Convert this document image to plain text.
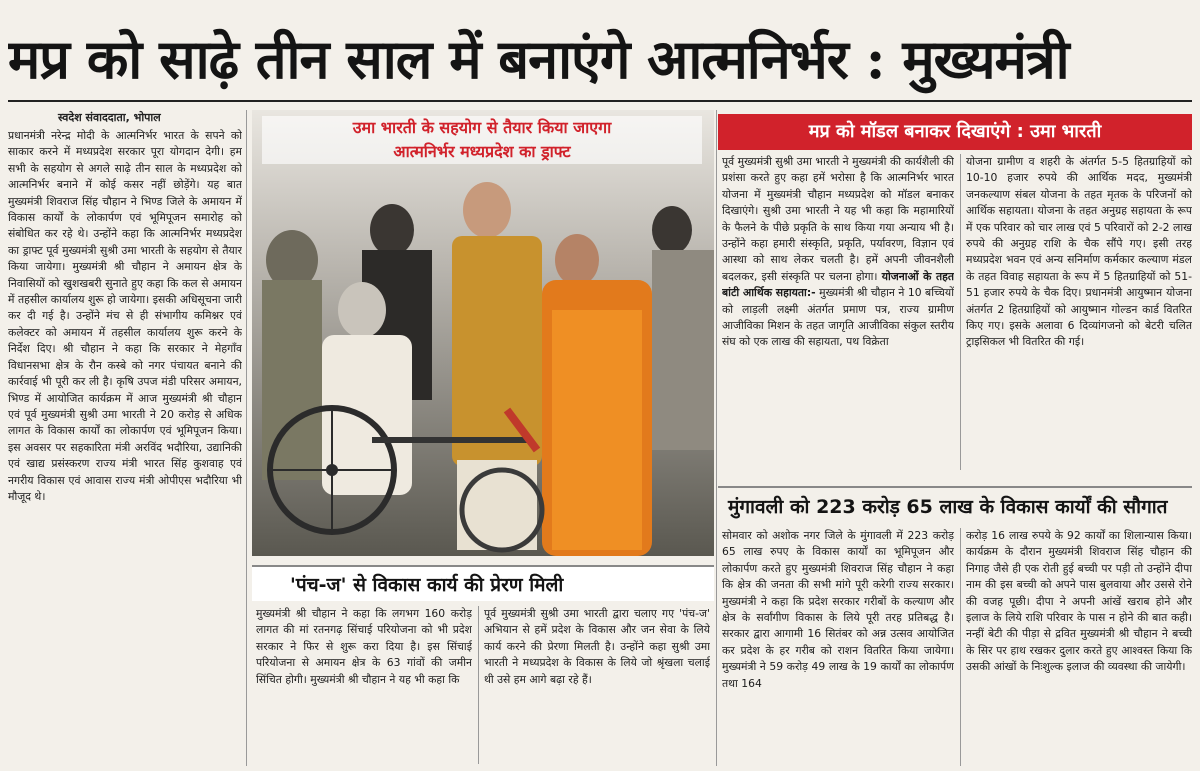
मप्र को साढ़े तीन साल में बनाएंगे आत्मनिर्भर : मुख्यमंत्री
स्वदेश संवाददाता, भोपाल

प्रधानमंत्री नरेन्द्र मोदी के आत्मनिर्भर भारत के सपने को साकार करने में मध्यप्रदेश सरकार पूरा योगदान देगी। हम सभी के सहयोग से अगले साढ़े तीन साल के मध्यप्रदेश को आत्मनिर्भर बनाने में कोई कसर नहीं छोड़ेंगे। यह बात मुख्यमंत्री शिवराज सिंह चौहान ने भिण्ड जिले के अमायन में विकास कार्यों के लोकार्पण एवं भूमिपूजन समारोह को संबोधित कर रहे थे। उन्होंने कहा कि आत्मनिर्भर मध्यप्रदेश का ड्राफ्ट पूर्व मुख्यमंत्री सुश्री उमा भारती के सहयोग से तैयार किया जायेगा। मुख्यमंत्री श्री चौहान ने अमायन क्षेत्र के निवासियों को खुशखबरी सुनाते हुए कहा कि कल से अमायन में तहसील कार्यालय शुरू हो जायेगा। इसकी अधिसूचना जारी कर दी गई है। उन्होंने मंच से ही संभागीय कमिश्नर एवं कलेक्टर को अमायन में तहसील कार्यालय शुरू करने के निर्देश दिए। श्री चौहान ने कहा कि सरकार ने मेहगाँव विधानसभा क्षेत्र के रौन कस्बे को नगर पंचायत बनाने की कार्रवाई भी पूरी कर ली है। कृषि उपज मंडी परिसर अमायन, भिण्ड में आयोजित कार्यक्रम में आज मुख्यमंत्री श्री चौहान एवं पूर्व मुख्यमंत्री सुश्री उमा भारती ने 20 करोड़ से अधिक लागत के विकास कार्यों का लोकार्पण एवं भूमिपूजन किया। इस अवसर पर सहकारिता मंत्री अरविंद भदौरिया, उद्यानिकी एवं खाद्य प्रसंस्करण राज्य मंत्री भारत सिंह कुशवाह एवं नगरीय विकास एवं आवास राज्य मंत्री ओपीएस भदौरिया भी मौजूद थे।

उमा भारती के सहयोग से तैयार किया जाएगा
आत्मनिर्भर मध्यप्रदेश का ड्राफ्ट
'पंच-ज' से विकास कार्य की प्रेरण मिली

मुख्यमंत्री श्री चौहान ने कहा कि लगभग 160 करोड़ लागत की मां रतनगढ़ सिंचाई परियोजना को भी प्रदेश सरकार ने फिर से शुरू करा दिया है। इस सिंचाई परियोजना से अमायन क्षेत्र के 63 गांवों की जमीन सिंचित होगी। मुख्यमंत्री श्री चौहान ने यह भी कहा कि

पूर्व मुख्यमंत्री सुश्री उमा भारती द्वारा चलाए गए 'पंच-ज' अभियान से हमें प्रदेश के विकास और जन सेवा के लिये कार्य करने की प्रेरणा मिलती है। उन्होंने कहा सुश्री उमा भारती ने मध्यप्रदेश के विकास के लिये जो श्रृंखला चलाई थी उसे हम आगे बढ़ा रहे हैं।

मप्र को मॉडल बनाकर दिखाएंगे : उमा भारती

पूर्व मुख्यमंत्री सुश्री उमा भारती ने मुख्यमंत्री की कार्यशैली की प्रशंसा करते हुए कहा हमें भरोसा है कि आत्मनिर्भर भारत योजना में मुख्यमंत्री चौहान मध्यप्रदेश को मॉडल बनाकर दिखाएंगे। सुश्री उमा भारती ने यह भी कहा कि महामारियों के फैलने के पीछे प्रकृति के साथ किया गया अन्याय भी है। उन्होंने कहा हमारी संस्कृति, प्रकृति, पर्यावरण, विज्ञान एवं आस्था को साथ लेकर चलती है। हमें अपनी जीवनशैली बदलकर, इसी संस्कृति पर चलना होगा। योजनाओं के तहत बांटी आर्थिक सहायता:- मुख्यमंत्री श्री चौहान ने 10 बच्चियों को लाड़ली लक्ष्मी अंतर्गत प्रमाण पत्र, राज्य ग्रामीण आजीविका मिशन के तहत जागृति आजीविका संकुल स्तरीय संघ को एक लाख की सहायता, पथ विक्रेता

योजना ग्रामीण व शहरी के अंतर्गत 5-5 हितग्राहियों को 10-10 हजार रुपये की आर्थिक मदद, मुख्यमंत्री जनकल्याण संबल योजना के तहत मृतक के परिजनों को आर्थिक सहायता। योजना के तहत अनुग्रह सहायता के रूप में एक परिवार को चार लाख एवं 5 परिवारों को 2-2 लाख रुपये की अनुग्रह राशि के चैक सौंपे गए। इसी तरह मध्यप्रदेश भवन एवं अन्य सनिर्माण कर्मकार कल्याण मंडल के तहत विवाह सहायता के रूप में 5 हितग्राहियों को 51-51 हजार रुपये के चैक दिए। प्रधानमंत्री आयुष्मान योजना अंतर्गत 2 हितग्राहियों को आयुष्मान गोल्डन कार्ड वितरित किए गए। इसके अलावा 6 दिव्यांगजनो को बेटरी चलित ट्राइसिकल भी वितरित की गई।

मुंगावली को 223 करोड़ 65 लाख के विकास कार्यों की सौगात

सोमवार को अशोक नगर जिले के मुंगावली में 223 करोड़ 65 लाख रुपए के विकास कार्यों का भूमिपूजन और लोकार्पण करते हुए मुख्यमंत्री शिवराज सिंह चौहान ने कहा कि क्षेत्र की जनता की सभी मांगे पूरी करेगी राज्य सरकार। मुख्यमंत्री ने कहा कि प्रदेश सरकार गरीबों के कल्याण और क्षेत्र के सर्वांगीण विकास के लिये पूरी तरह प्रतिबद्ध है। सरकार द्वारा आगामी 16 सितंबर को अन्न उत्सव आयोजित कर प्रदेश के हर गरीब को राशन वितरित किया जायेगा। मुख्यमंत्री ने 59 करोड़ 49 लाख के 19 कार्यों का लोकार्पण तथा 164

करोड़ 16 लाख रुपये के 92 कार्यों का शिलान्यास किया। कार्यक्रम के दौरान मुख्यमंत्री शिवराज सिंह चौहान की निगाह जैसे ही एक रोती हुई बच्ची पर पड़ी तो उन्होंने दीपा नाम की इस बच्ची को अपने पास बुलवाया और उससे रोने की वजह पूछी। दीपा ने अपनी आंखें खराब होने और इलाज के लिये राशि परिवार के पास न होने की बात कही। नन्हीं बेटी की पीड़ा से द्रवित मुख्यमंत्री श्री चौहान ने बच्ची के सिर पर हाथ रखकर दुलार करते हुए आश्वस्त किया कि उसकी आंखों के निःशुल्क इलाज की व्यवस्था की जायेगी।
